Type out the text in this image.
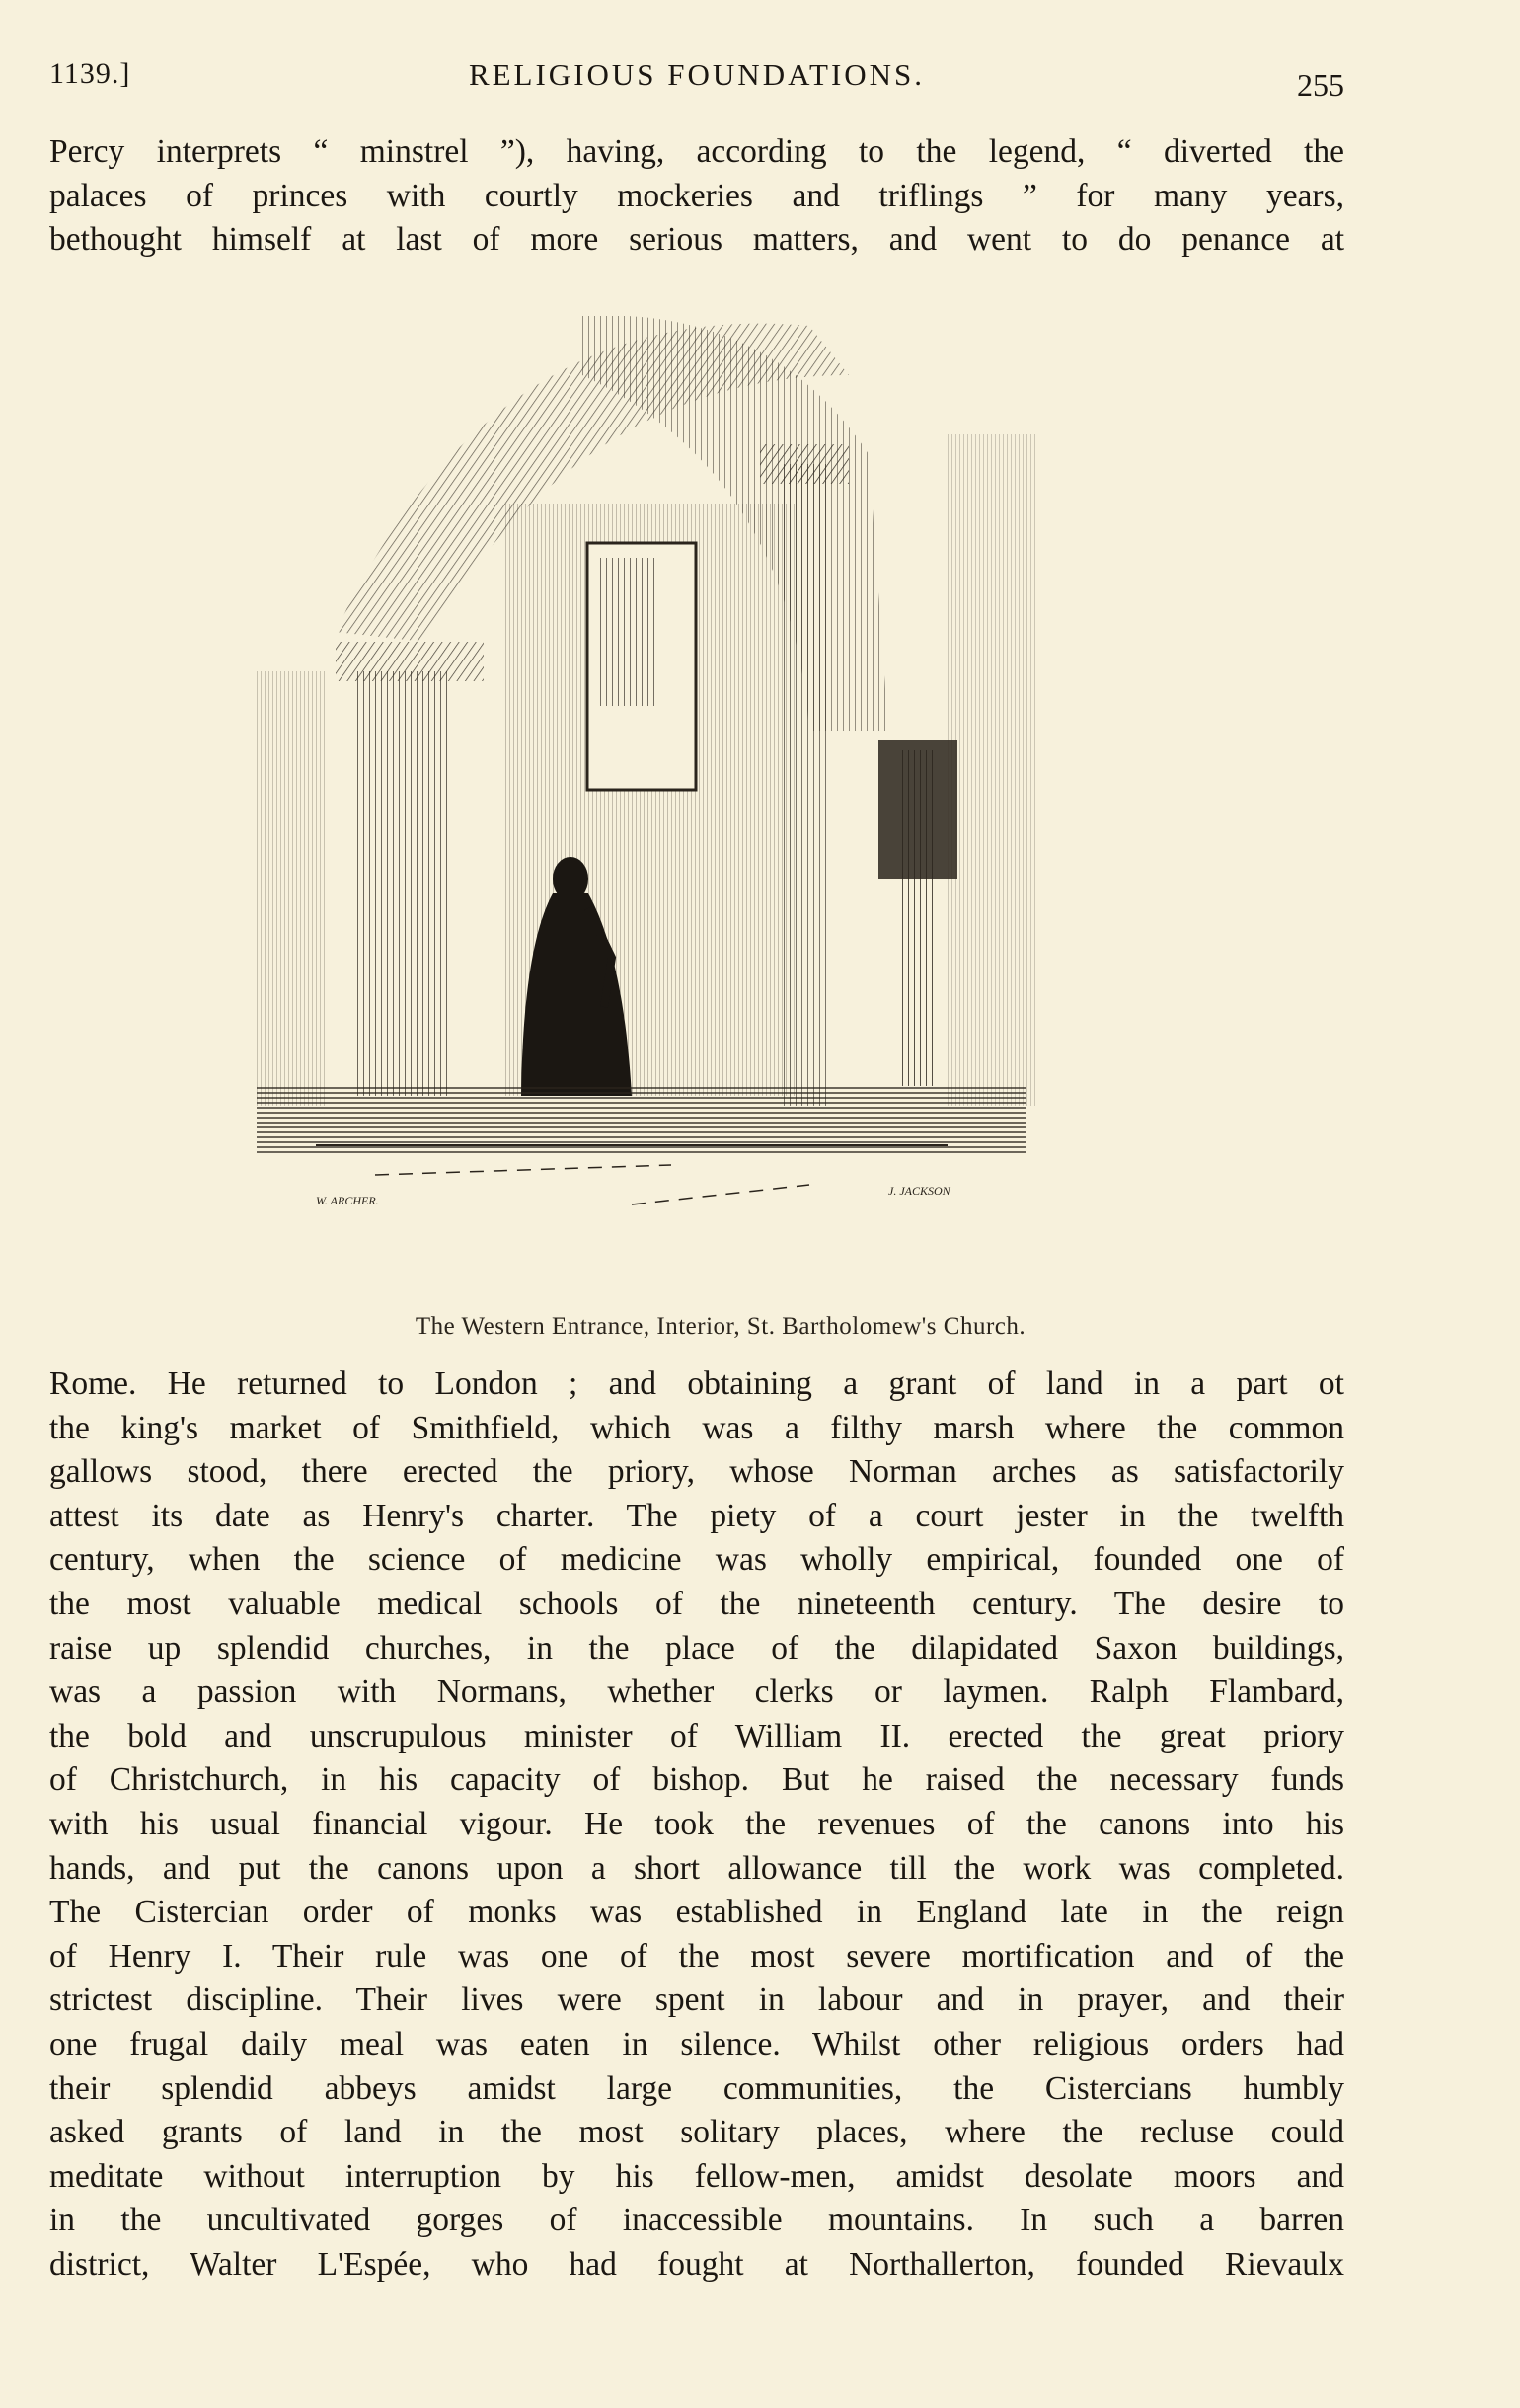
1139.]	RELIGIOUS FOUNDATIONS.	255
Percy interprets “ minstrel ”), having, according to the legend, “ diverted the
palaces of princes with courtly mockeries and triflings ” for many years,
bethought himself at last of more serious matters, and went to do penance at
W. ARCHER.
J. JACKSON
The Western Entrance, Interior, St. Bartholomew's Church.
Rome. He returned to London ; and obtaining a grant of land in a part ot
the king's market of Smithfield, which was a filthy marsh where the common
gallows stood, there erected the priory, whose Norman arches as satisfactorily
attest its date as Henry's charter. The piety of a court jester in the twelfth
century, when the science of medicine was wholly empirical, founded one of
the most valuable medical schools of the nineteenth century. The desire to
raise up splendid churches, in the place of the dilapidated Saxon buildings,
was a passion with Normans, whether clerks or laymen. Ralph Flambard,
the bold and unscrupulous minister of William II. erected the great priory
of Christchurch, in his capacity of bishop. But he raised the necessary funds
with his usual financial vigour. He took the revenues of the canons into his
hands, and put the canons upon a short allowance till the work was completed.
The Cistercian order of monks was established in England late in the reign
of Henry I. Their rule was one of the most severe mortification and of the
strictest discipline. Their lives were spent in labour and in prayer, and their
one frugal daily meal was eaten in silence. Whilst other religious orders had
their splendid abbeys amidst large communities, the Cistercians humbly
asked grants of land in the most solitary places, where the recluse could
meditate without interruption by his fellow-men, amidst desolate moors and
in the uncultivated gorges of inaccessible mountains. In such a barren
district, Walter L'Espée, who had fought at Northallerton, founded Rievaulx
